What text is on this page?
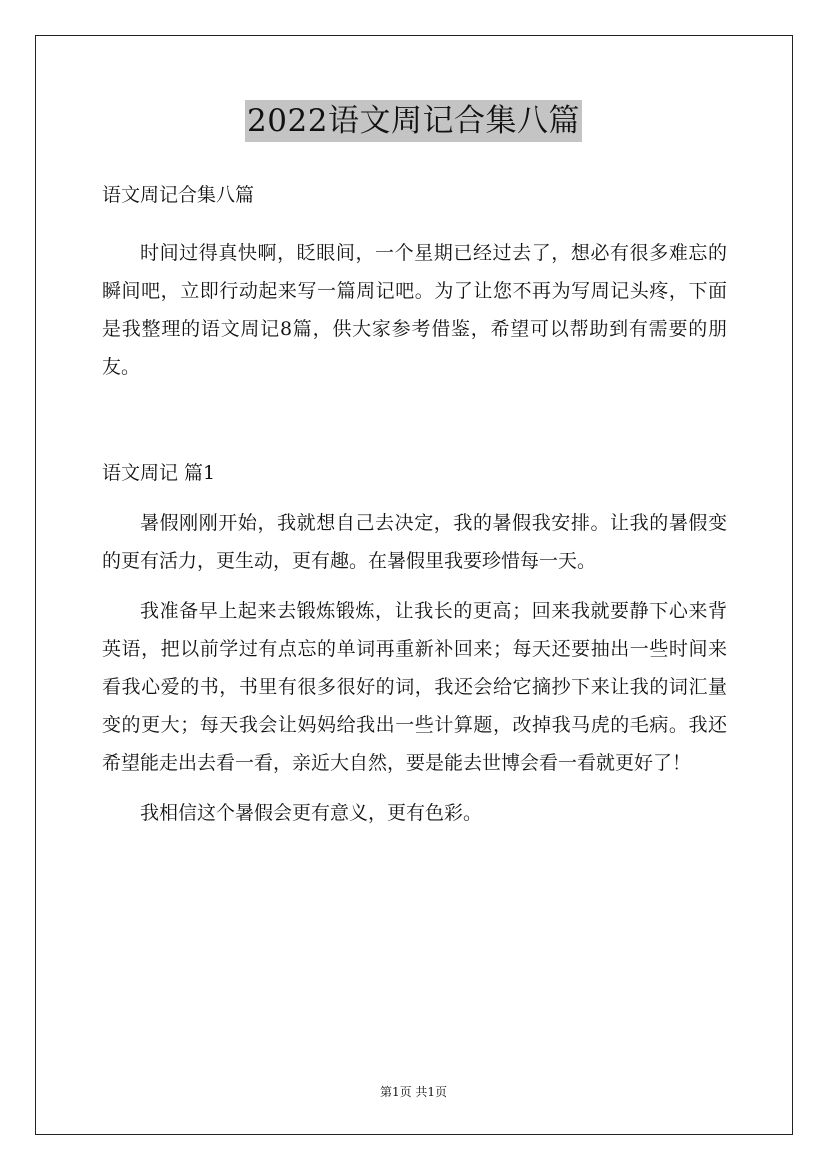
2022语文周记合集八篇

语文周记合集八篇

时间过得真快啊，眨眼间，一个星期已经过去了，想必有很多难忘的瞬间吧，立即行动起来写一篇周记吧。为了让您不再为写周记头疼，下面是我整理的语文周记8篇，供大家参考借鉴，希望可以帮助到有需要的朋友。

语文周记 篇1

暑假刚刚开始，我就想自己去决定，我的暑假我安排。让我的暑假变的更有活力，更生动，更有趣。在暑假里我要珍惜每一天。

我准备早上起来去锻炼锻炼，让我长的更高；回来我就要静下心来背英语，把以前学过有点忘的单词再重新补回来；每天还要抽出一些时间来看我心爱的书，书里有很多很好的词，我还会给它摘抄下来让我的词汇量变的更大；每天我会让妈妈给我出一些计算题，改掉我马虎的毛病。我还希望能走出去看一看，亲近大自然，要是能去世博会看一看就更好了！

我相信这个暑假会更有意义，更有色彩。

第1页 共1页
